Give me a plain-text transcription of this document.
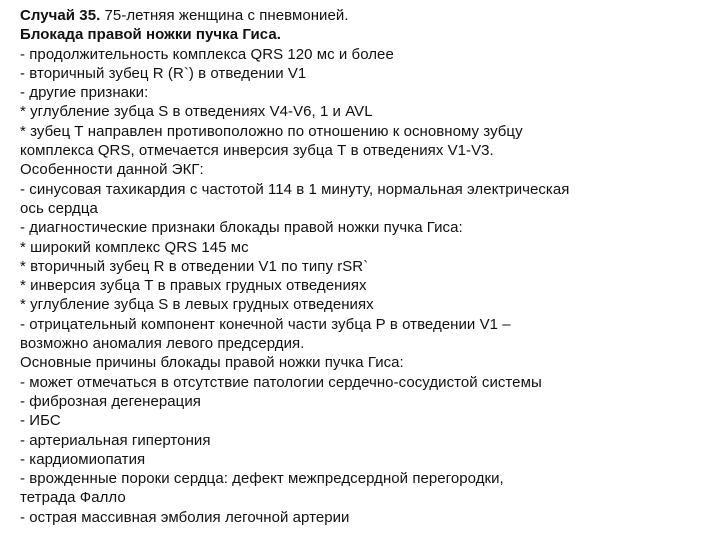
Случай 35. 75-летняя женщина с пневмонией.
Блокада правой ножки пучка Гиса.
- продолжительность комплекса QRS 120 мс и более
- вторичный зубец R (R`) в отведении V1
- другие признаки:
* углубление зубца S в отведениях V4-V6, 1 и AVL
* зубец Т направлен противоположно по отношению к основному зубцу
комплекса QRS, отмечается инверсия зубца Т в отведениях V1-V3.
Особенности данной ЭКГ:
- синусовая тахикардия с частотой 114 в 1 минуту, нормальная электрическая
ось сердца
- диагностические признаки блокады правой ножки пучка Гиса:
* широкий комплекс QRS 145 мс
* вторичный зубец R в отведении V1 по типу rSR`
* инверсия зубца Т в правых грудных отведениях
* углубление зубца S в левых грудных отведениях
- отрицательный компонент конечной части зубца Р в отведении V1 –
возможно аномалия левого предсердия.
Основные причины блокады правой ножки пучка Гиса:
- может отмечаться в отсутствие патологии сердечно-сосудистой системы
- фиброзная дегенерация
- ИБС
- артериальная гипертония
- кардиомиопатия
- врожденные пороки сердца: дефект межпредсердной перегородки,
тетрада Фалло
- острая массивная эмболия легочной артерии
